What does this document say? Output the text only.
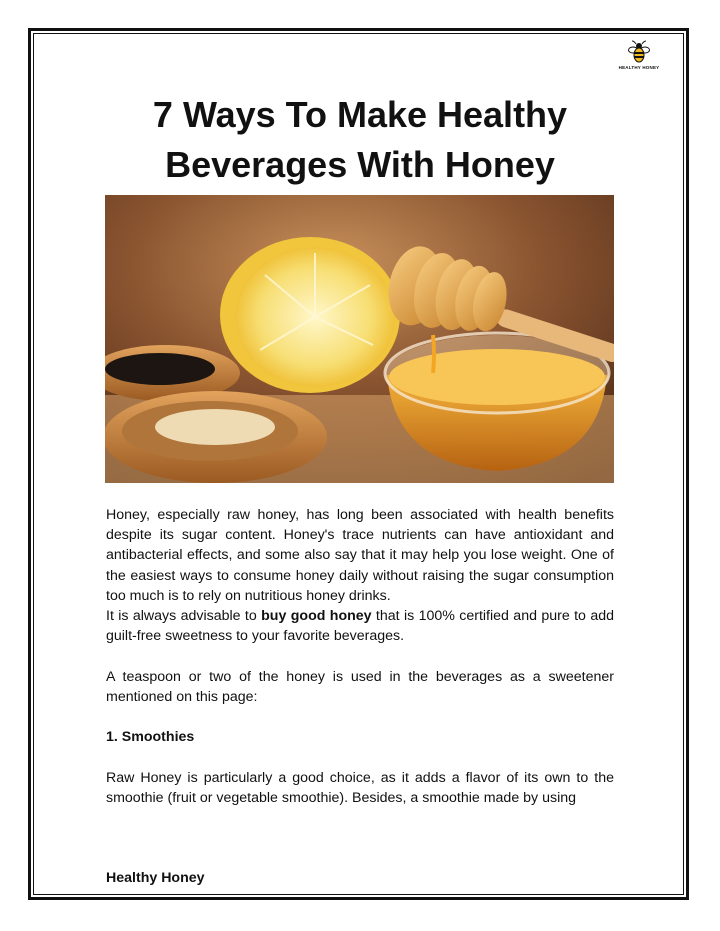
HEALTHY HONEY
7 Ways To Make Healthy
Beverages With Honey

Honey, especially raw honey, has long been associated with health benefits despite its sugar content. Honey's trace nutrients can have antioxidant and antibacterial effects, and some also say that it may help you lose weight. One of the easiest ways to consume honey daily without raising the sugar consumption too much is to rely on nutritious honey drinks.

It is always advisable to buy good honey that is 100% certified and pure to add guilt-free sweetness to your favorite beverages.

A teaspoon or two of the honey is used in the beverages as a sweetener mentioned on this page:

1. Smoothies

Raw Honey is particularly a good choice, as it adds a flavor of its own to the smoothie (fruit or vegetable smoothie). Besides, a smoothie made by using

Healthy Honey
